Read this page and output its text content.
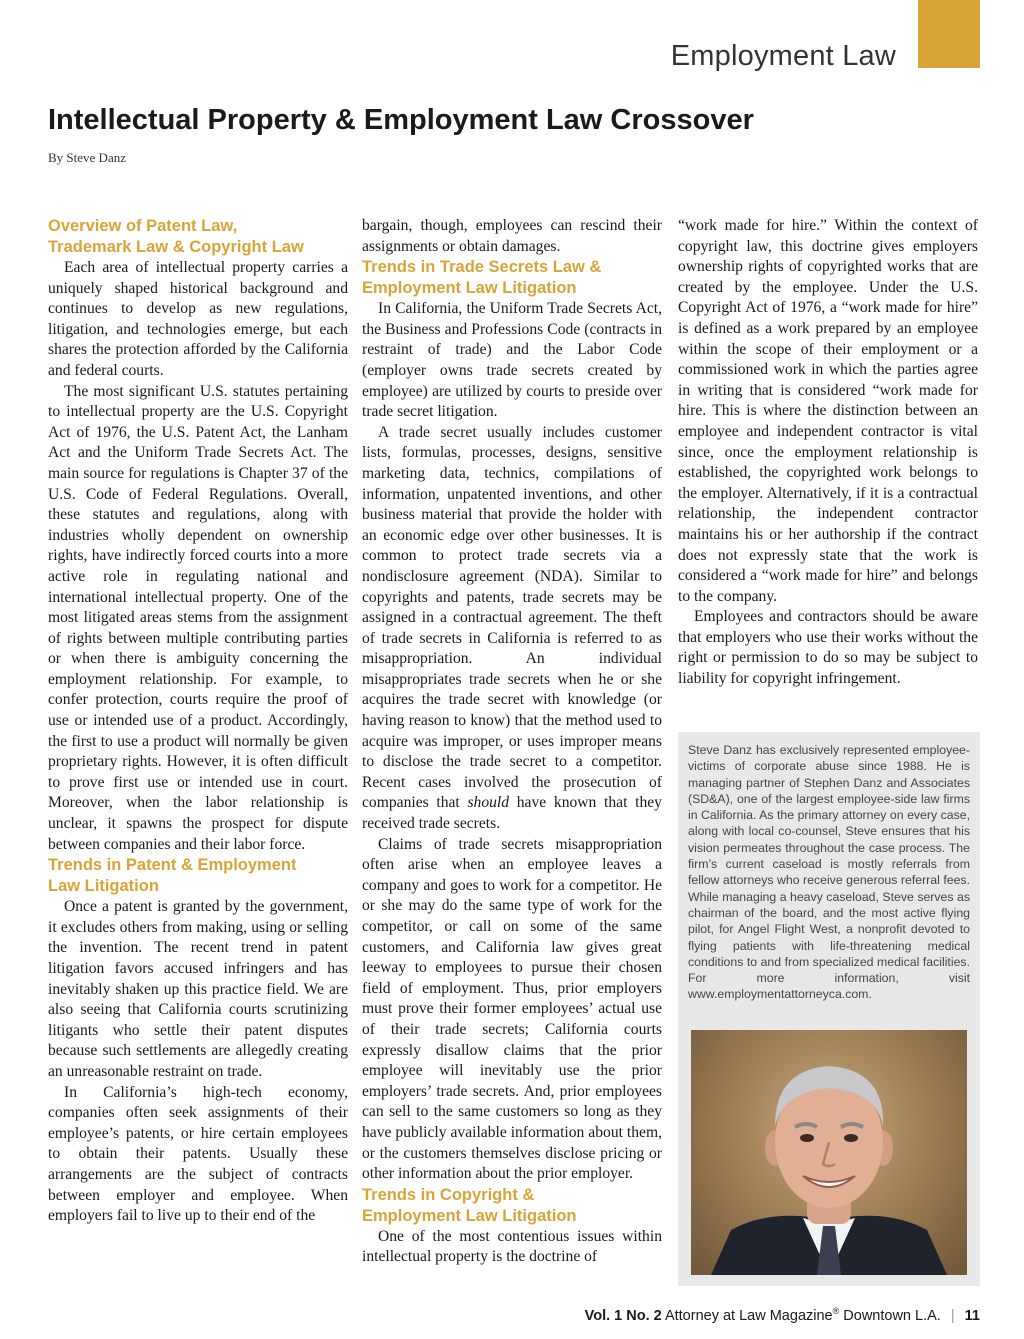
Employment Law
Intellectual Property & Employment Law Crossover
By Steve Danz
Overview of Patent Law,
Trademark Law & Copyright Law

Each area of intellectual property carries a uniquely shaped historical background and continues to develop as new regulations, litigation, and technologies emerge, but each shares the protection afforded by the California and federal courts.

The most significant U.S. statutes pertaining to intellectual property are the U.S. Copyright Act of 1976, the U.S. Patent Act, the Lanham Act and the Uniform Trade Secrets Act. The main source for regulations is Chapter 37 of the U.S. Code of Federal Regulations. Overall, these statutes and regulations, along with industries wholly dependent on ownership rights, have indirectly forced courts into a more active role in regulating national and international intellectual property. One of the most litigated areas stems from the assignment of rights between multiple contributing parties or when there is ambiguity concerning the employment relationship. For example, to confer protection, courts require the proof of use or intended use of a product. Accordingly, the first to use a product will normally be given proprietary rights. However, it is often difficult to prove first use or intended use in court. Moreover, when the labor relationship is unclear, it spawns the prospect for dispute between companies and their labor force.

Trends in Patent & Employment
Law Litigation

Once a patent is granted by the government, it excludes others from making, using or selling the invention. The recent trend in patent litigation favors accused infringers and has inevitably shaken up this practice field. We are also seeing that California courts scrutinizing litigants who settle their patent disputes because such settlements are allegedly creating an unreasonable restraint on trade.

In California’s high-tech economy, companies often seek assignments of their employee’s patents, or hire certain employees to obtain their patents. Usually these arrangements are the subject of contracts between employer and employee. When employers fail to live up to their end of the

bargain, though, employees can rescind their assignments or obtain damages.

Trends in Trade Secrets Law &
Employment Law Litigation

In California, the Uniform Trade Secrets Act, the Business and Professions Code (contracts in restraint of trade) and the Labor Code (employer owns trade secrets created by employee) are utilized by courts to preside over trade secret litigation.

A trade secret usually includes customer lists, formulas, processes, designs, sensitive marketing data, technics, compilations of information, unpatented inventions, and other business material that provide the holder with an economic edge over other businesses. It is common to protect trade secrets via a nondisclosure agreement (NDA). Similar to copyrights and patents, trade secrets may be assigned in a contractual agreement. The theft of trade secrets in California is referred to as misappropriation. An individual misappropriates trade secrets when he or she acquires the trade secret with knowledge (or having reason to know) that the method used to acquire was improper, or uses improper means to disclose the trade secret to a competitor. Recent cases involved the prosecution of companies that should have known that they received trade secrets.

Claims of trade secrets misappropriation often arise when an employee leaves a company and goes to work for a competitor. He or she may do the same type of work for the competitor, or call on some of the same customers, and California law gives great leeway to employees to pursue their chosen field of employment. Thus, prior employers must prove their former employees’ actual use of their trade secrets; California courts expressly disallow claims that the prior employee will inevitably use the prior employers’ trade secrets. And, prior employees can sell to the same customers so long as they have publicly available information about them, or the customers themselves disclose pricing or other information about the prior employer.

Trends in Copyright &
Employment Law Litigation

One of the most contentious issues within intellectual property is the doctrine of

“work made for hire.” Within the context of copyright law, this doctrine gives employers ownership rights of copyrighted works that are created by the employee. Under the U.S. Copyright Act of 1976, a “work made for hire” is defined as a work prepared by an employee within the scope of their employment or a commissioned work in which the parties agree in writing that is considered “work made for hire. This is where the distinction between an employee and independent contractor is vital since, once the employment relationship is established, the copyrighted work belongs to the employer. Alternatively, if it is a contractual relationship, the independent contractor maintains his or her authorship if the contract does not expressly state that the work is considered a “work made for hire” and belongs to the company.

Employees and contractors should be aware that employers who use their works without the right or permission to do so may be subject to liability for copyright infringement.

Steve Danz has exclusively represented employee-victims of corporate abuse since 1988. He is managing partner of Stephen Danz and Associates (SD&A), one of the largest employee-side law firms in California. As the primary attorney on every case, along with local co-counsel, Steve ensures that his vision permeates throughout the case process. The firm’s current caseload is mostly referrals from fellow attorneys who receive generous referral fees. While managing a heavy caseload, Steve serves as chairman of the board, and the most active flying pilot, for Angel Flight West, a nonprofit devoted to flying patients with life-threatening medical conditions to and from specialized medical facilities. For more information, visit www.employmentattorneyca.com.

Vol. 1 No. 2 Attorney at Law Magazine® Downtown L.A. | 11
